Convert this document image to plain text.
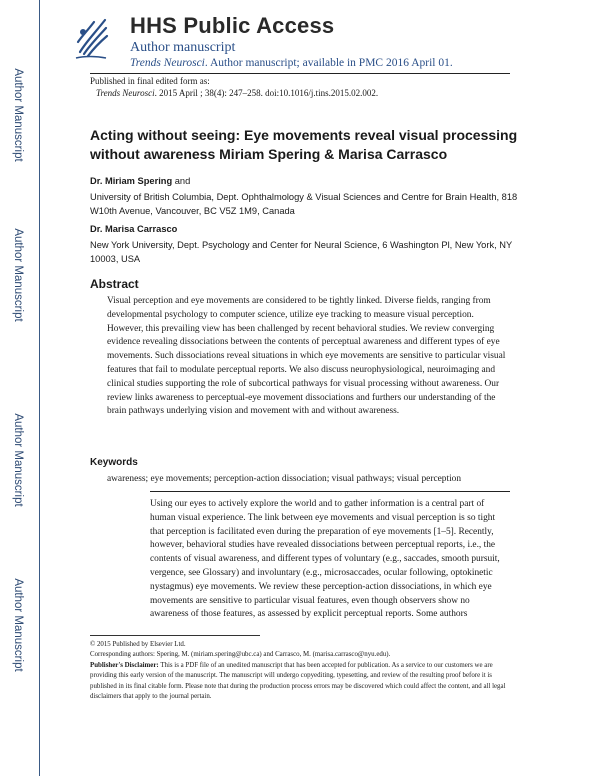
Author Manuscript
Author Manuscript
Author Manuscript
Author Manuscript
HHS Public Access
Author manuscript
Trends Neurosci. Author manuscript; available in PMC 2016 April 01.
Published in final edited form as:
Trends Neurosci. 2015 April ; 38(4): 247–258. doi:10.1016/j.tins.2015.02.002.
Acting without seeing: Eye movements reveal visual processing without awareness Miriam Spering & Marisa Carrasco
Dr. Miriam Spering and
University of British Columbia, Dept. Ophthalmology & Visual Sciences and Centre for Brain Health, 818 W10th Avenue, Vancouver, BC V5Z 1M9, Canada
Dr. Marisa Carrasco
New York University, Dept. Psychology and Center for Neural Science, 6 Washington Pl, New York, NY 10003, USA
Abstract
Visual perception and eye movements are considered to be tightly linked. Diverse fields, ranging from developmental psychology to computer science, utilize eye tracking to measure visual perception. However, this prevailing view has been challenged by recent behavioral studies. We review converging evidence revealing dissociations between the contents of perceptual awareness and different types of eye movements. Such dissociations reveal situations in which eye movements are sensitive to particular visual features that fail to modulate perceptual reports. We also discuss neurophysiological, neuroimaging and clinical studies supporting the role of subcortical pathways for visual processing without awareness. Our review links awareness to perceptual-eye movement dissociations and furthers our understanding of the brain pathways underlying vision and movement with and without awareness.
Keywords
awareness; eye movements; perception-action dissociation; visual pathways; visual perception
Using our eyes to actively explore the world and to gather information is a central part of human visual experience. The link between eye movements and visual perception is so tight that perception is facilitated even during the preparation of eye movements [1–5]. Recently, however, behavioral studies have revealed dissociations between perceptual reports, i.e., the contents of visual awareness, and different types of voluntary (e.g., saccades, smooth pursuit, vergence, see Glossary) and involuntary (e.g., microsaccades, ocular following, optokinetic nystagmus) eye movements. We review these perception-action dissociations, in which eye movements are sensitive to particular visual features, even though observers show no awareness of those features, as assessed by explicit perceptual reports. Some authors
© 2015 Published by Elsevier Ltd.
Corresponding authors: Spering, M. (miriam.spering@ubc.ca) and Carrasco, M. (marisa.carrasco@nyu.edu).
Publisher's Disclaimer: This is a PDF file of an unedited manuscript that has been accepted for publication. As a service to our customers we are providing this early version of the manuscript. The manuscript will undergo copyediting, typesetting, and review of the resulting proof before it is published in its final citable form. Please note that during the production process errors may be discovered which could affect the content, and all legal disclaimers that apply to the journal pertain.
